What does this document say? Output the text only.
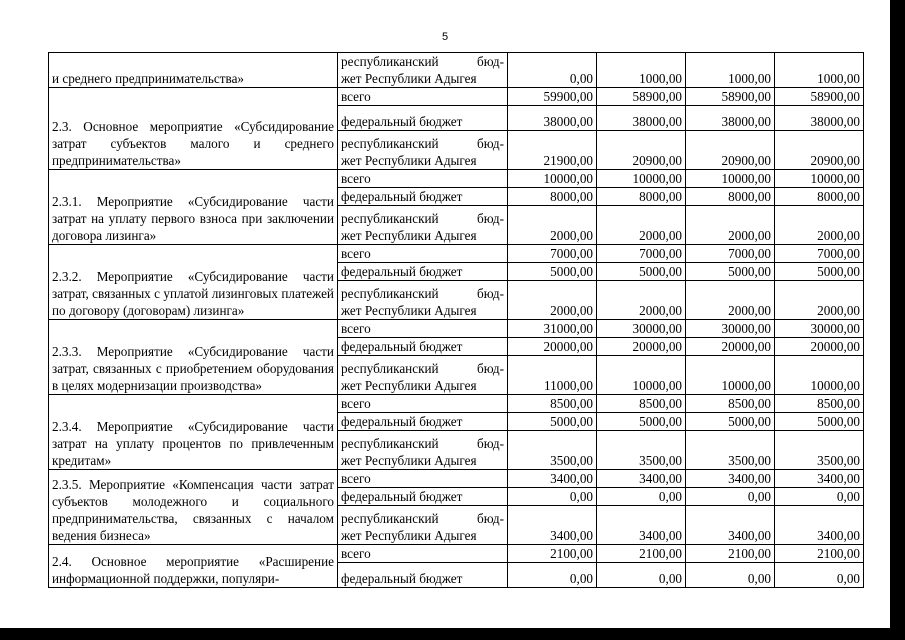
5
и среднего предпринимательства»	республиканский бюд-
жет Республики Адыгея	0,00	1000,00	1000,00	1000,00
2.3. Основное мероприятие «Субсидирование затрат субъектов малого и среднего предпринимательства»	всего	59900,00	58900,00	58900,00	58900,00
	федеральный бюджет	38000,00	38000,00	38000,00	38000,00

	республиканский бюд-
жет Республики Адыгея	21900,00	20900,00	20900,00	20900,00
2.3.1. Мероприятие «Субсидирование части затрат на уплату первого взноса при заключении договора лизинга»	всего	10000,00	10000,00	10000,00	10000,00
	федеральный бюджет	8000,00	8000,00	8000,00	8000,00

	республиканский бюд-
жет Республики Адыгея	2000,00	2000,00	2000,00	2000,00
2.3.2. Мероприятие «Субсидирование части затрат, связанных с уплатой лизинговых платежей по договору (договорам) лизинга»	всего	7000,00	7000,00	7000,00	7000,00
	федеральный бюджет	5000,00	5000,00	5000,00	5000,00

	республиканский бюд-
жет Республики Адыгея	2000,00	2000,00	2000,00	2000,00
2.3.3. Мероприятие «Субсидирование части затрат, связанных с приобретением оборудования в целях модернизации производства»	всего	31000,00	30000,00	30000,00	30000,00
	федеральный бюджет	20000,00	20000,00	20000,00	20000,00

	республиканский бюд-
жет Республики Адыгея	11000,00	10000,00	10000,00	10000,00
2.3.4. Мероприятие «Субсидирование части затрат на уплату процентов по привлеченным кредитам»	всего	8500,00	8500,00	8500,00	8500,00
	федеральный бюджет	5000,00	5000,00	5000,00	5000,00

	республиканский бюд-
жет Республики Адыгея	3500,00	3500,00	3500,00	3500,00
2.3.5. Мероприятие «Компенсация части затрат субъектов молодежного и социального предпринимательства, связанных с началом ведения бизнеса»	всего	3400,00	3400,00	3400,00	3400,00
	федеральный бюджет	0,00	0,00	0,00	0,00

	республиканский бюд-
жет Республики Адыгея	3400,00	3400,00	3400,00	3400,00
2.4. Основное мероприятие «Расширение информационной поддержки, популяри-	всего	2100,00	2100,00	2100,00	2100,00
	федеральный бюджет	0,00	0,00	0,00	0,00
